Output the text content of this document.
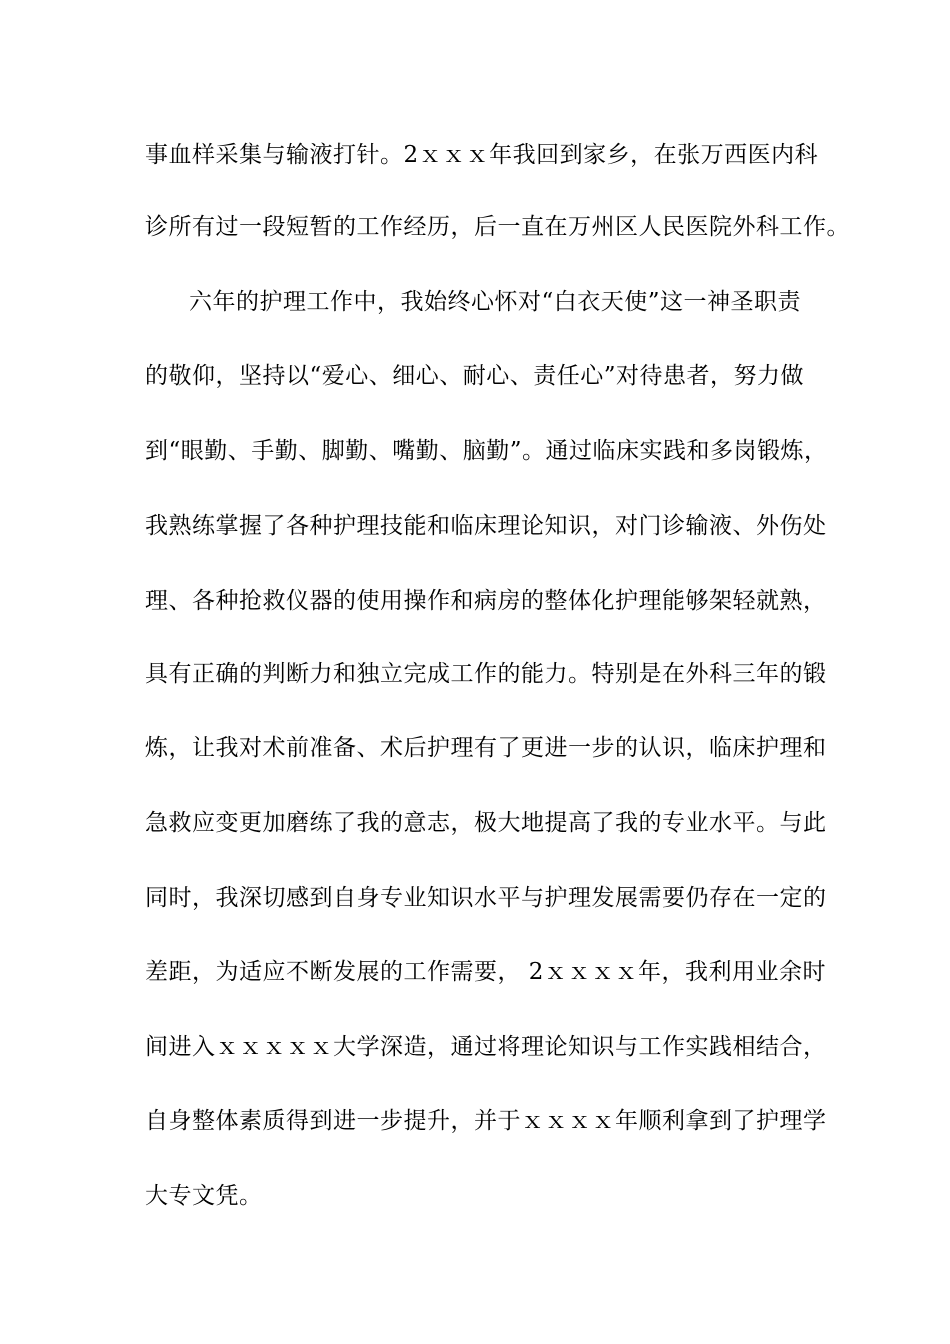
事血样采集与输液打针。2ｘｘｘ年我回到家乡，在张万西医内科

诊所有过一段短暂的工作经历，后一直在万州区人民医院外科工作。

六年的护理工作中，我始终心怀对“白衣天使”这一神圣职责

的敬仰，坚持以“爱心、细心、耐心、责任心”对待患者，努力做

到“眼勤、手勤、脚勤、嘴勤、脑勤”。通过临床实践和多岗锻炼，

我熟练掌握了各种护理技能和临床理论知识，对门诊输液、外伤处

理、各种抢救仪器的使用操作和病房的整体化护理能够架轻就熟，

具有正确的判断力和独立完成工作的能力。特别是在外科三年的锻

炼，让我对术前准备、术后护理有了更进一步的认识，临床护理和

急救应变更加磨练了我的意志，极大地提高了我的专业水平。与此

同时，我深切感到自身专业知识水平与护理发展需要仍存在一定的

差距，为适应不断发展的工作需要， 2ｘｘｘｘ年，我利用业余时

间进入ｘｘｘｘｘ大学深造，通过将理论知识与工作实践相结合，

自身整体素质得到进一步提升，并于ｘｘｘｘ年顺利拿到了护理学

大专文凭。
